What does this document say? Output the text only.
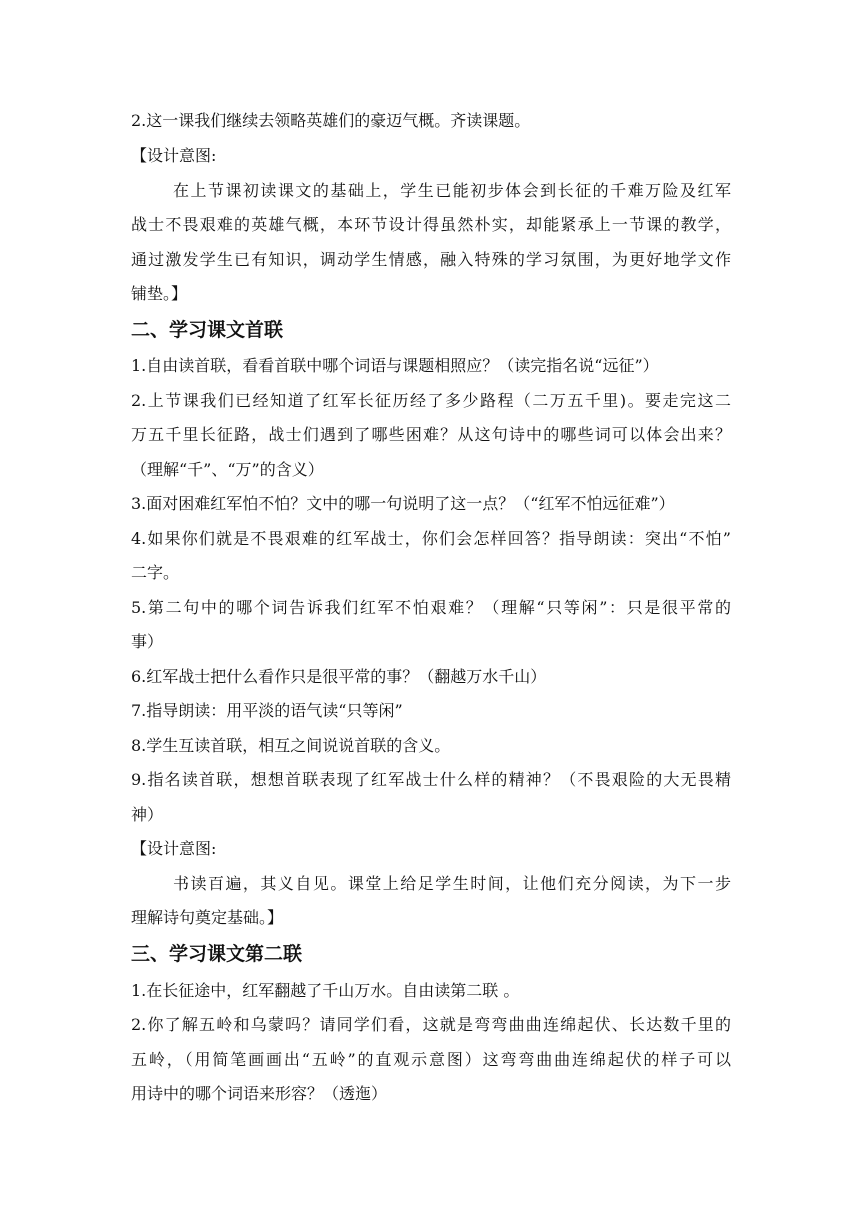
2.这一课我们继续去领略英雄们的豪迈气概。齐读课题。
【设计意图:
在上节课初读课文的基础上，学生已能初步体会到长征的千难万险及红军
战士不畏艰难的英雄气概，本环节设计得虽然朴实，却能紧承上一节课的教学，
通过激发学生已有知识，调动学生情感，融入特殊的学习氛围，为更好地学文作
铺垫。】
二、学习课文首联
1.自由读首联，看看首联中哪个词语与课题相照应？（读完指名说“远征”）
2.上节课我们已经知道了红军长征历经了多少路程（二万五千里)。要走完这二
万五千里长征路，战士们遇到了哪些困难？从这句诗中的哪些词可以体会出来？
（理解“千”、“万”的含义）
3.面对困难红军怕不怕？文中的哪一句说明了这一点？（“红军不怕远征难”）
4.如果你们就是不畏艰难的红军战士，你们会怎样回答？指导朗读：突出“不怕”
二字。
5.第二句中的哪个词告诉我们红军不怕艰难？（理解“只等闲”：只是很平常的
事）
6.红军战士把什么看作只是很平常的事？（翻越万水千山）
7.指导朗读：用平淡的语气读“只等闲”
8.学生互读首联，相互之间说说首联的含义。
9.指名读首联，想想首联表现了红军战士什么样的精神？（不畏艰险的大无畏精
神）
【设计意图:
书读百遍，其义自见。课堂上给足学生时间，让他们充分阅读，为下一步
理解诗句奠定基础。】
三、学习课文第二联
1.在长征途中，红军翻越了千山万水。自由读第二联 。
2.你了解五岭和乌蒙吗？请同学们看，这就是弯弯曲曲连绵起伏、长达数千里的
五岭，（用简笔画画出“五岭”的直观示意图）这弯弯曲曲连绵起伏的样子可以
用诗中的哪个词语来形容？（透迤）
